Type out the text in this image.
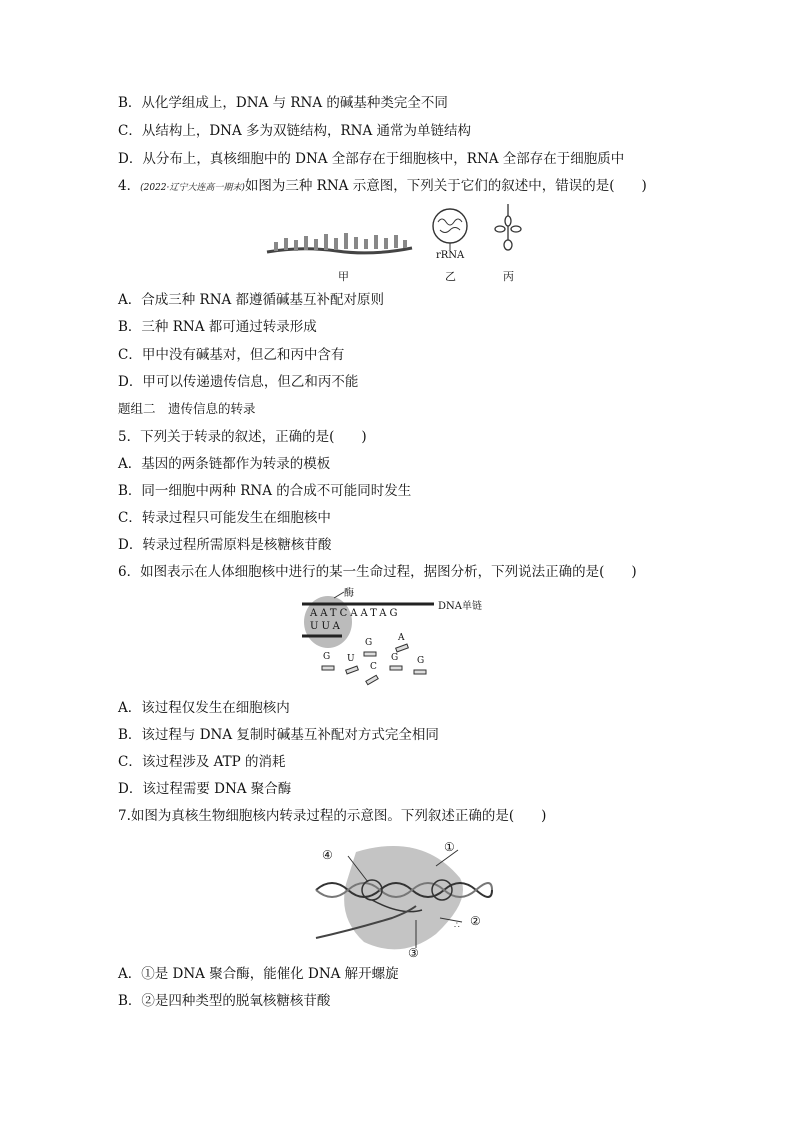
B．从化学组成上，DNA 与 RNA 的碱基种类完全不同
C．从结构上，DNA 多为双链结构，RNA 通常为单链结构
D．从分布上，真核细胞中的 DNA 全部存在于细胞核中，RNA 全部存在于细胞质中
4．(2022·辽宁大连高一期末)如图为三种 RNA 示意图，下列关于它们的叙述中，错误的是(　　)
甲
rRNA
乙	丙
A．合成三种 RNA 都遵循碱基互补配对原则
B．三种 RNA 都可通过转录形成
C．甲中没有碱基对，但乙和丙中含有
D．甲可以传递遗传信息，但乙和丙不能
题组二　遗传信息的转录
5．下列关于转录的叙述，正确的是(　　)
A．基因的两条链都作为转录的模板
B．同一细胞中两种 RNA 的合成不可能同时发生
C．转录过程只可能发生在细胞核中
D．转录过程所需原料是核糖核苷酸
6．如图表示在人体细胞核中进行的某一生命过程，据图分析，下列说法正确的是(　　)
酶
DNA单链
AATCAATAG
UUA
G	A
G U
C
G G
A．该过程仅发生在细胞核内
B．该过程与 DNA 复制时碱基互补配对方式完全相同
C．该过程涉及 ATP 的消耗
D．该过程需要 DNA 聚合酶
7.如图为真核生物细胞核内转录过程的示意图。下列叙述正确的是(　　)
∴
④
①
②
③
A．①是 DNA 聚合酶，能催化 DNA 解开螺旋
B．②是四种类型的脱氧核糖核苷酸
